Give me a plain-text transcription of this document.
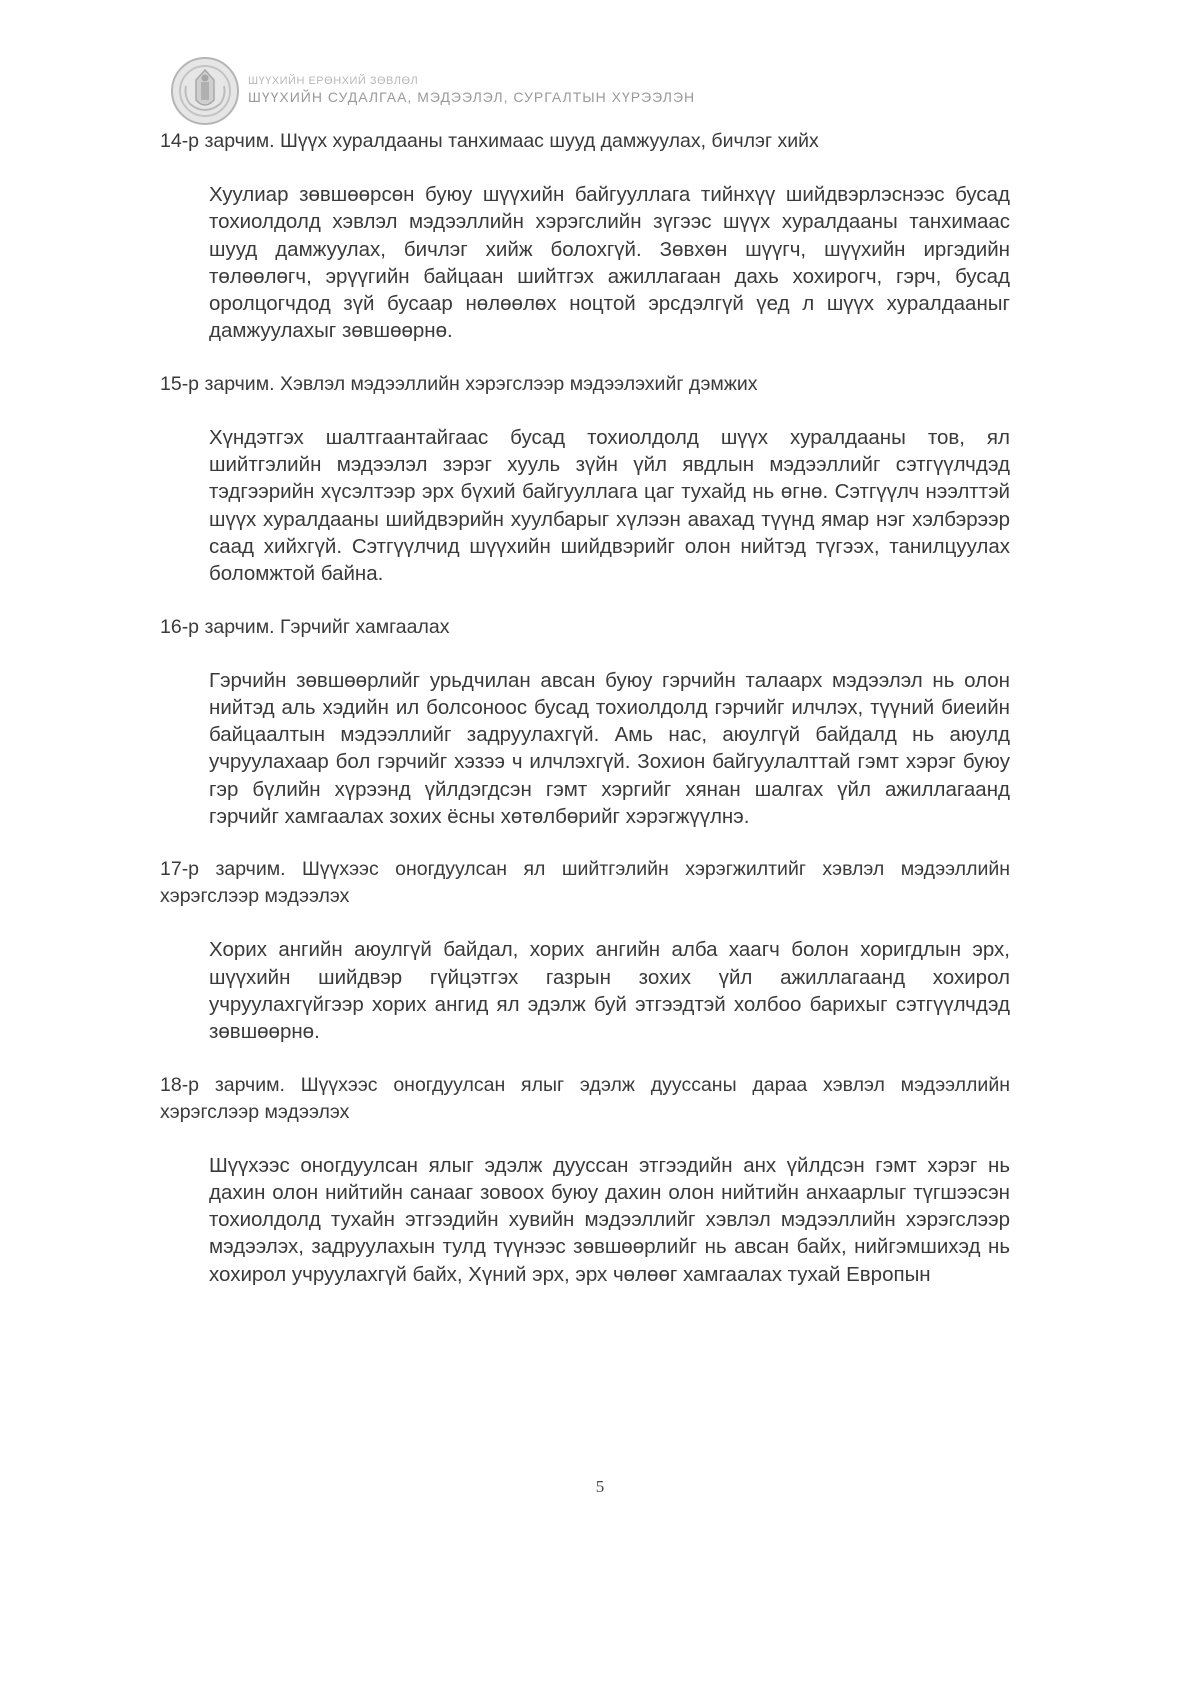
ШҮҮХИЙН ЕРӨНХИЙ ЗӨВЛӨЛ
ШҮҮХИЙН СУДАЛГАА, МЭДЭЭЛЭЛ, СУРГАЛТЫН ХҮРЭЭЛЭН

14-р зарчим. Шүүх хуралдааны танхимаас шууд дамжуулах, бичлэг хийх

Хуулиар зөвшөөрсөн буюу шүүхийн байгууллага тийнхүү шийдвэрлэснээс бусад тохиолдолд хэвлэл мэдээллийн хэрэгслийн зүгээс шүүх хуралдааны танхимаас шууд дамжуулах, бичлэг хийж болохгүй. Зөвхөн шүүгч, шүүхийн иргэдийн төлөөлөгч, эрүүгийн байцаан шийтгэх ажиллагаан дахь хохирогч, гэрч, бусад оролцогчдод зүй бусаар нөлөөлөх ноцтой эрсдэлгүй үед л шүүх хуралдааныг дамжуулахыг зөвшөөрнө.

15-р зарчим. Хэвлэл мэдээллийн хэрэгслээр мэдээлэхийг дэмжих

Хүндэтгэх шалтгаантайгаас бусад тохиолдолд шүүх хуралдааны тов, ял шийтгэлийн мэдээлэл зэрэг хууль зүйн үйл явдлын мэдээллийг сэтгүүлчдэд тэдгээрийн хүсэлтээр эрх бүхий байгууллага цаг тухайд нь өгнө. Сэтгүүлч нээлттэй шүүх хуралдааны шийдвэрийн хуулбарыг хүлээн авахад түүнд ямар нэг хэлбэрээр саад хийхгүй. Сэтгүүлчид шүүхийн шийдвэрийг олон нийтэд түгээх, танилцуулах боломжтой байна.

16-р зарчим. Гэрчийг хамгаалах

Гэрчийн зөвшөөрлийг урьдчилан авсан буюу гэрчийн талаарх мэдээлэл нь олон нийтэд аль хэдийн ил болсоноос бусад тохиолдолд гэрчийг илчлэх, түүний биеийн байцаалтын мэдээллийг задруулахгүй. Амь нас, аюулгүй байдалд нь аюулд учруулахаар бол гэрчийг хэзээ ч илчлэхгүй. Зохион байгуулалттай гэмт хэрэг буюу гэр бүлийн хүрээнд үйлдэгдсэн гэмт хэргийг хянан шалгах үйл ажиллагаанд гэрчийг хамгаалах зохих ёсны хөтөлбөрийг хэрэгжүүлнэ.

17-р зарчим. Шүүхээс оногдуулсан ял шийтгэлийн хэрэгжилтийг хэвлэл мэдээллийн хэрэгслээр мэдээлэх

Хорих ангийн аюулгүй байдал, хорих ангийн алба хаагч болон хоригдлын эрх, шүүхийн шийдвэр гүйцэтгэх газрын зохих үйл ажиллагаанд хохирол учруулахгүйгээр хорих ангид ял эдэлж буй этгээдтэй холбоо барихыг сэтгүүлчдэд зөвшөөрнө.

18-р зарчим. Шүүхээс оногдуулсан ялыг эдэлж дууссаны дараа хэвлэл мэдээллийн хэрэгслээр мэдээлэх

Шүүхээс оногдуулсан ялыг эдэлж дууссан этгээдийн анх үйлдсэн гэмт хэрэг нь дахин олон нийтийн санааг зовоох буюу дахин олон нийтийн анхаарлыг түгшээсэн тохиолдолд тухайн этгээдийн хувийн мэдээллийг хэвлэл мэдээллийн хэрэгслээр мэдээлэх, задруулахын тулд түүнээс зөвшөөрлийг нь авсан байх, нийгэмшихэд нь хохирол учруулахгүй байх, Хүний эрх, эрх чөлөөг хамгаалах тухай Европын

5
